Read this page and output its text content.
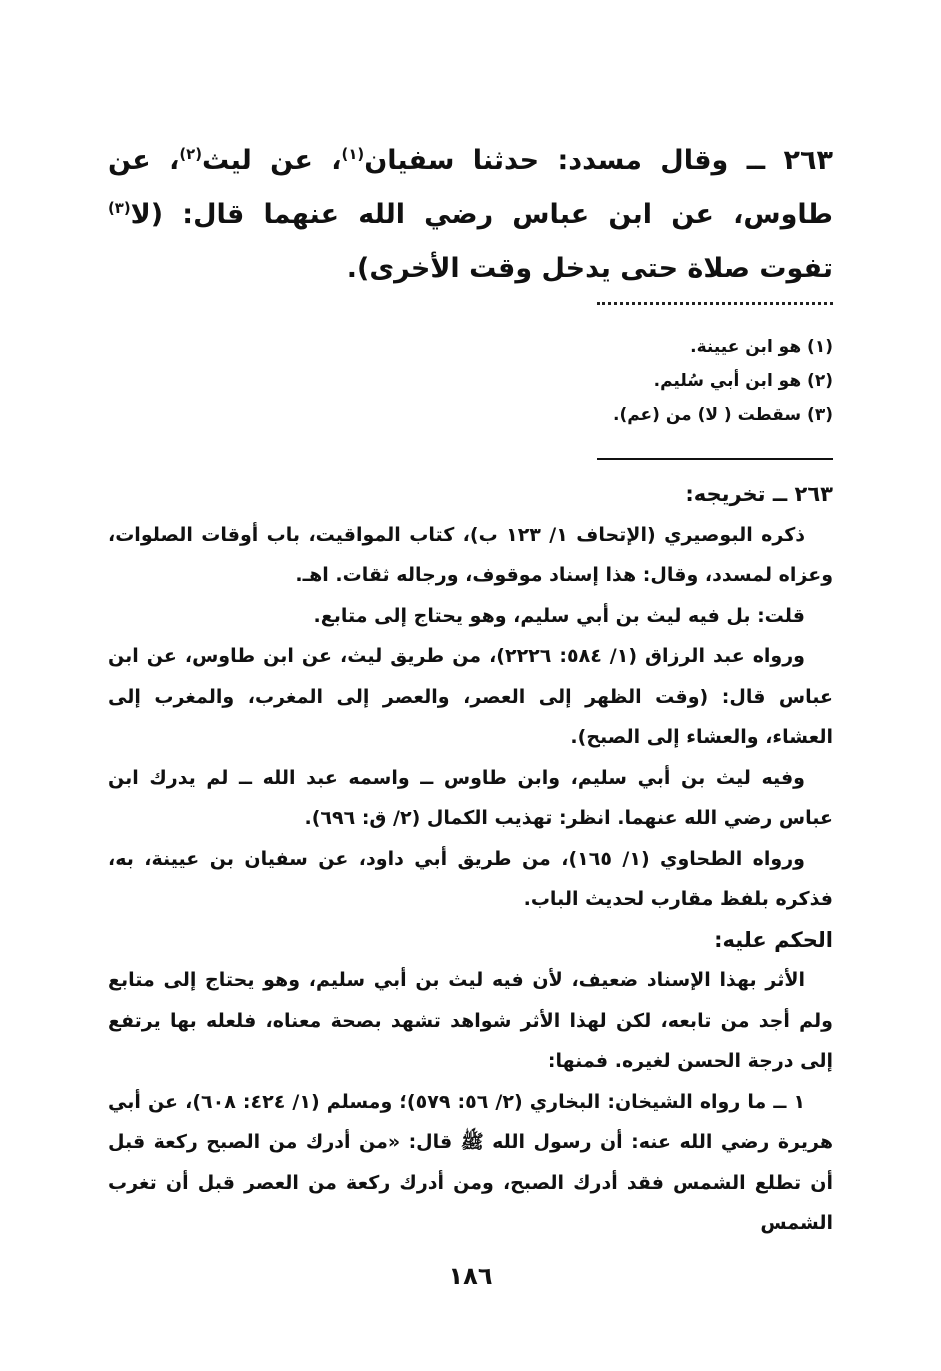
٢٦٣ ــ وقال مسدد: حدثنا سفيان$^{(١)}$، عن ليث$^{(٢)}$، عن طاوس، عن ابن عباس رضي الله عنهما قال: (لا$^{(٣)}$ تفوت صلاة حتى يدخل وقت الأخرى).

(١) هو ابن عيينة.

(٢) هو ابن أبي سُليم.

(٣) سقطت ( لا) من (عم).

٢٦٣ ــ تخريجه:

ذكره البوصيري (الإتحاف ١/ ١٢٣ ب)، كتاب المواقيت، باب أوقات الصلوات، وعزاه لمسدد، وقال: هذا إسناد موقوف، ورجاله ثقات. اهـ.

قلت: بل فيه ليث بن أبي سليم، وهو يحتاج إلى متابع.

ورواه عبد الرزاق (١/ ٥٨٤: ٢٢٢٦)، من طريق ليث، عن ابن طاوس، عن ابن عباس قال: (وقت الظهر إلى العصر، والعصر إلى المغرب، والمغرب إلى العشاء، والعشاء إلى الصبح).

وفيه ليث بن أبي سليم، وابن طاوس ــ واسمه عبد الله ــ لم يدرك ابن عباس رضي الله عنهما. انظر: تهذيب الكمال (٢/ ق: ٦٩٦).

ورواه الطحاوي (١/ ١٦٥)، من طريق أبي داود، عن سفيان بن عيينة، به، فذكره بلفظ مقارب لحديث الباب.

الحكم عليه:

الأثر بهذا الإسناد ضعيف، لأن فيه ليث بن أبي سليم، وهو يحتاج إلى متابع ولم أجد من تابعه، لكن لهذا الأثر شواهد تشهد بصحة معناه، فلعله بها يرتفع إلى درجة الحسن لغيره. فمنها:

١ ــ ما رواه الشيخان: البخاري (٢/ ٥٦: ٥٧٩)؛ ومسلم (١/ ٤٢٤: ٦٠٨)، عن أبي هريرة رضي الله عنه: أن رسول الله ﷺ قال: «من أدرك من الصبح ركعة قبل أن تطلع الشمس فقد أدرك الصبح، ومن أدرك ركعة من العصر قبل أن تغرب الشمس

١٨٦
